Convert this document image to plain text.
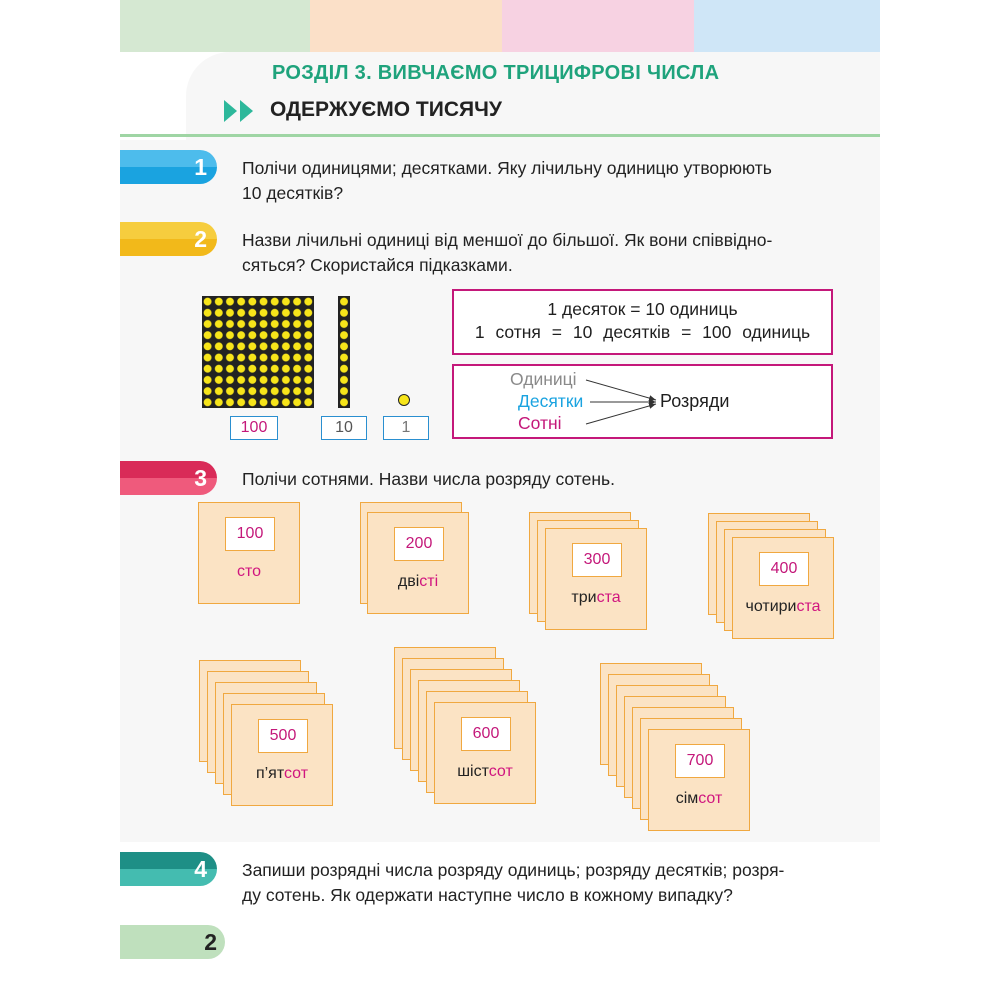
РОЗДІЛ 3. ВИВЧАЄМО ТРИЦИФРОВІ ЧИСЛА
ОДЕРЖУЄМО ТИСЯЧУ
1 Полічи одиницями; десятками. Яку лічильну одиницю утворюють
10 десятків?
2 Назви лічильні одиниці від меншої до більшої. Як вони співвідно-
сяться? Скористайся підказками.
100	10	1
1 десяток = 10 одиниць
1 сотня = 10 десятків = 100 одиниць
Одиниці
Десятки
Сотні
Розряди
3 Полічи сотнями. Назви числа розряду сотень.
100
сто
200
двісті
300
триста
400
чотириста
500
п’ятсот
600
шістсот
700
сімсот
4 Запиши розрядні числа розряду одиниць; розряду десятків; розря-
ду сотень. Як одержати наступне число в кожному випадку?
2
